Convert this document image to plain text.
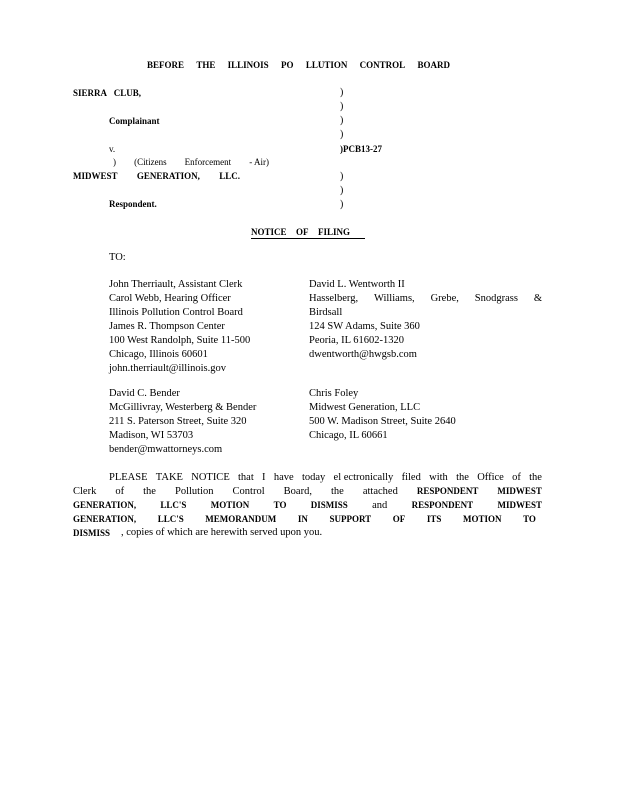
BEFORE THE ILLINOIS PO LLUTION CONTROL BOARD
SIERRA CLUB,
Complainant
v.	)PCB13-27
) (Citizens Enforcement - Air)
MIDWEST GENERATION, LLC.
Respondent.
)
)
)
)
)
)
)
NOTICE OF FILING
TO:
John Therriault, Assistant Clerk
Carol Webb, Hearing Officer
Illinois Pollution Control Board
James R. Thompson Center
100 West Randolph, Suite 11-500
Chicago, Illinois 60601
john.therriault@illinois.gov
David L. Wentworth II
Hasselberg, Williams, Grebe, Snodgrass &
Birdsall
124 SW Adams, Suite 360
Peoria, IL 61602-1320
dwentworth@hwgsb.com
David C. Bender
McGillivray, Westerberg & Bender
211 S. Paterson Street, Suite 320
Madison, WI 53703
bender@mwattorneys.com
Chris Foley
Midwest Generation, LLC
500 W. Madison Street, Suite 2640
Chicago, IL 60661
PLEASE TAKE NOTICE that I have today el ectronically filed with the Office of the
Clerk of the Pollution Control Board, the attached RESPONDENT MIDWEST
GENERATION,	LLC'S	MOTION	TO	DISMISS and	RESPONDENT	MIDWEST
GENERATION, LLC'S MEMORANDUM IN SUPPORT OF ITS MOTION TO
DISMISS , copies of which are herewith served upon you.
